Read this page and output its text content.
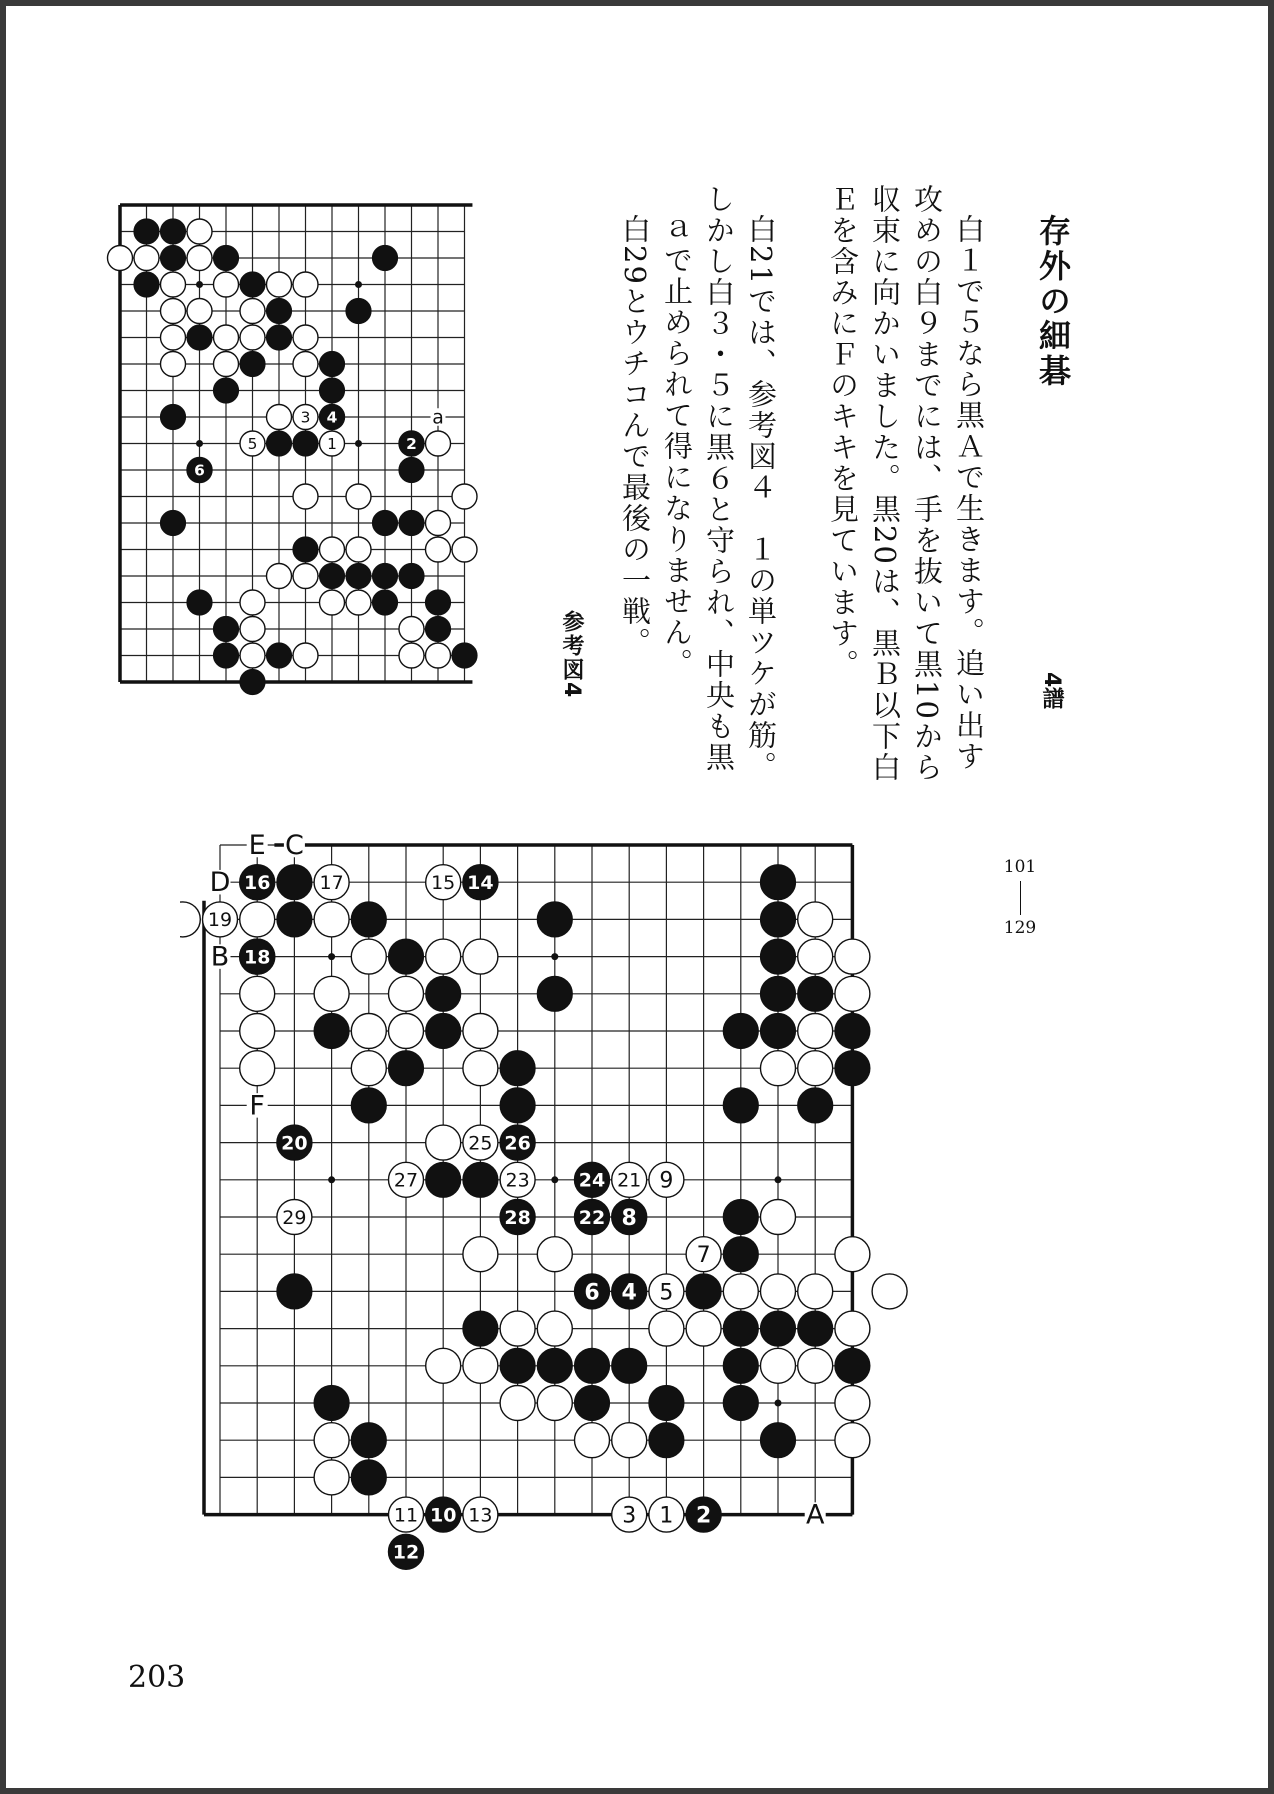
a
1	2
3 4
5
6
参考図4
存外の細碁
4譜
白１で５なら黒Ａで生きます。追い出す
攻めの白９までには、手を抜いて黒10から
収束に向かいました。黒20は、黒Ｂ以下白
Ｅを含みにＦのキキを見ています。
白21では、参考図４　１の単ツケが筋。
しかし白３・５に黒６と守られ、中央も黒
ａで止められて得になりません。
白29とウチコんで最後の一戦。
101
129
E C
D
B
F
A
1 2
3
4 5
6
7
8
9
10
11
12
13
14
15
16	17
18
19
20
21
22
23	24
25 26
27
28
29
203
